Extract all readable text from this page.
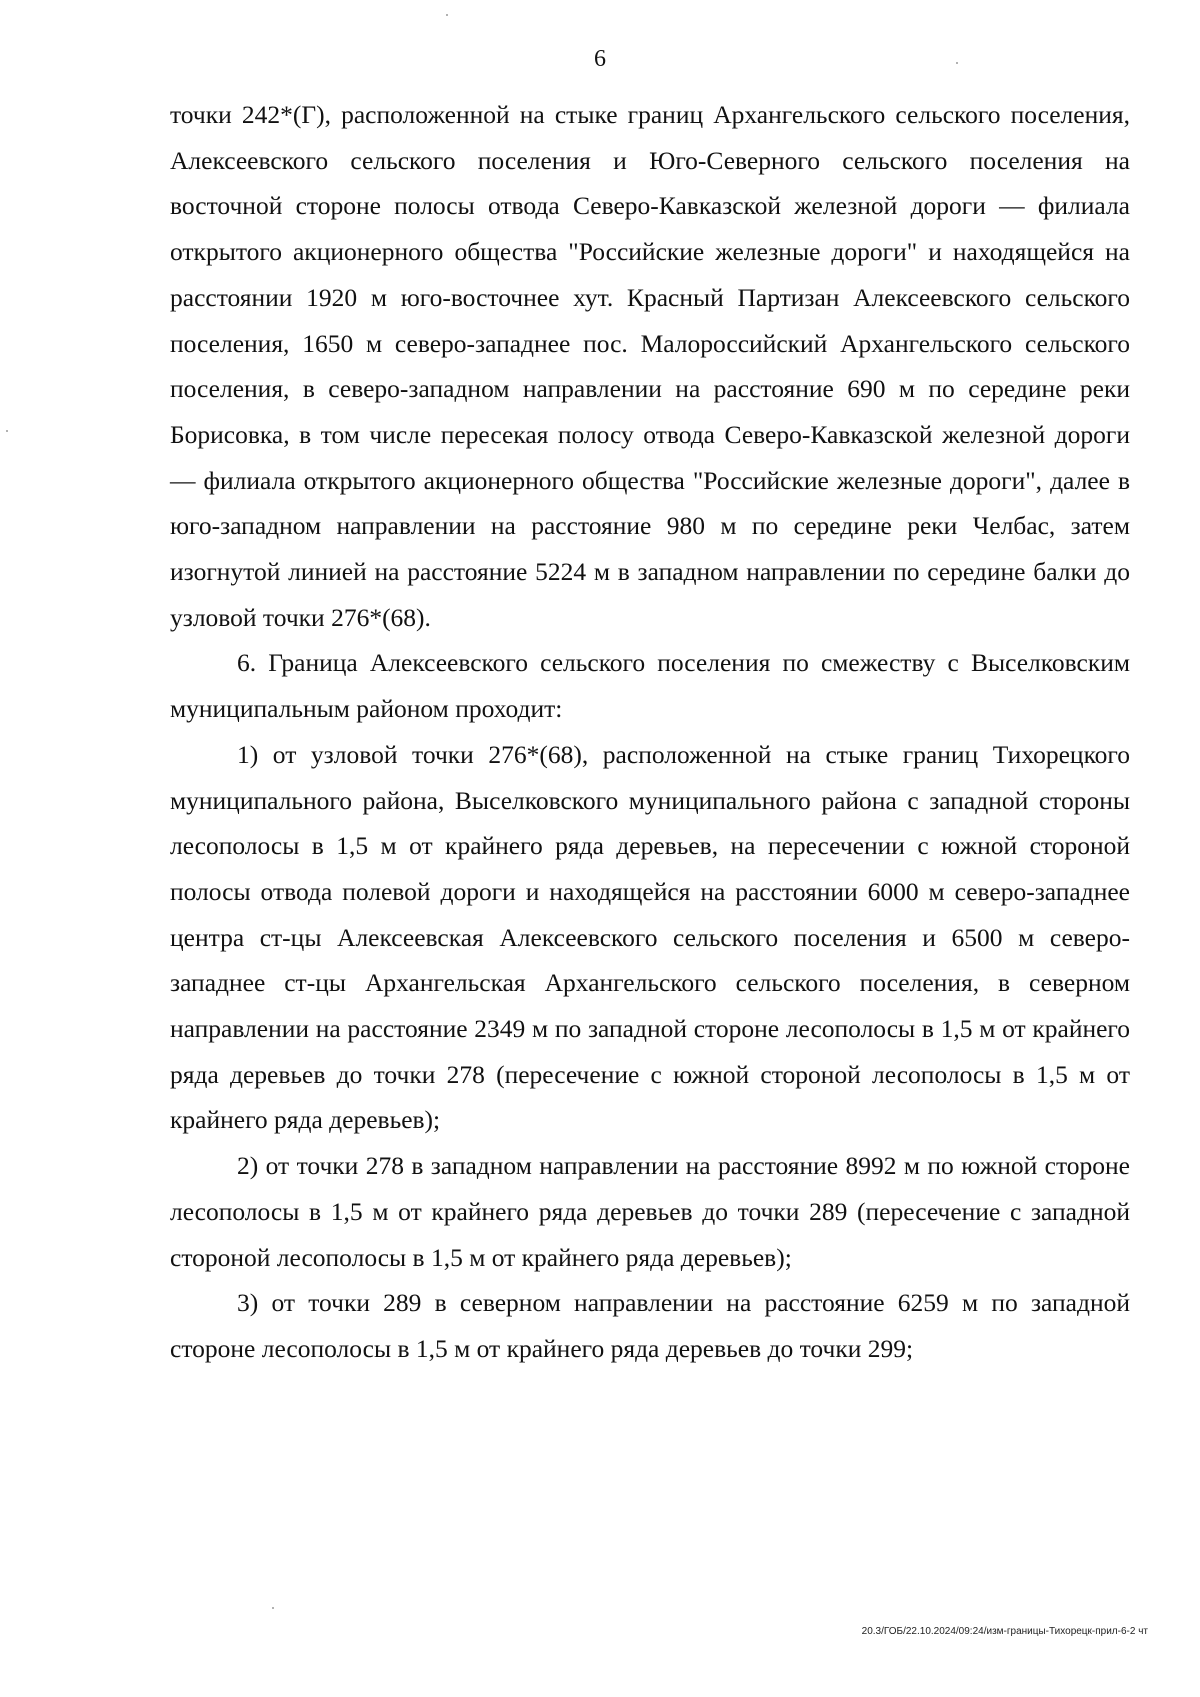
6

точки 242*(Г), расположенной на стыке границ Архангельского сельского поселения, Алексеевского сельского поселения и Юго-Северного сельского поселения на восточной стороне полосы отвода Северо-Кавказской железной дороги — филиала открытого акционерного общества "Российские железные дороги" и находящейся на расстоянии 1920 м юго-восточнее хут. Красный Партизан Алексеевского сельского поселения, 1650 м северо-западнее пос. Малороссийский Архангельского сельского поселения, в северо-западном направлении на расстояние 690 м по середине реки Борисовка, в том числе пересекая полосу отвода Северо-Кавказской железной дороги — филиала открытого акционерного общества "Российские железные дороги", далее в юго-западном направлении на расстояние 980 м по середине реки Челбас, затем изогнутой линией на расстояние 5224 м в западном направлении по середине балки до узловой точки 276*(68).

6. Граница Алексеевского сельского поселения по смежеству с Выселковским муниципальным районом проходит:

1) от узловой точки 276*(68), расположенной на стыке границ Тихорецкого муниципального района, Выселковского муниципального района с западной стороны лесополосы в 1,5 м от крайнего ряда деревьев, на пересечении с южной стороной полосы отвода полевой дороги и находящейся на расстоянии 6000 м северо-западнее центра ст-цы Алексеевская Алексеевского сельского поселения и 6500 м северо-западнее ст-цы Архангельская Архангельского сельского поселения, в северном направлении на расстояние 2349 м по западной стороне лесополосы в 1,5 м от крайнего ряда деревьев до точки 278 (пересечение с южной стороной лесополосы в 1,5 м от крайнего ряда деревьев);

2) от точки 278 в западном направлении на расстояние 8992 м по южной стороне лесополосы в 1,5 м от крайнего ряда деревьев до точки 289 (пересечение с западной стороной лесополосы в 1,5 м от крайнего ряда деревьев);

3) от точки 289 в северном направлении на расстояние 6259 м по западной стороне лесополосы в 1,5 м от крайнего ряда деревьев до точки 299;

20.3/ГОБ/22.10.2024/09:24/изм-границы-Тихорецк-прил-6-2 чт
